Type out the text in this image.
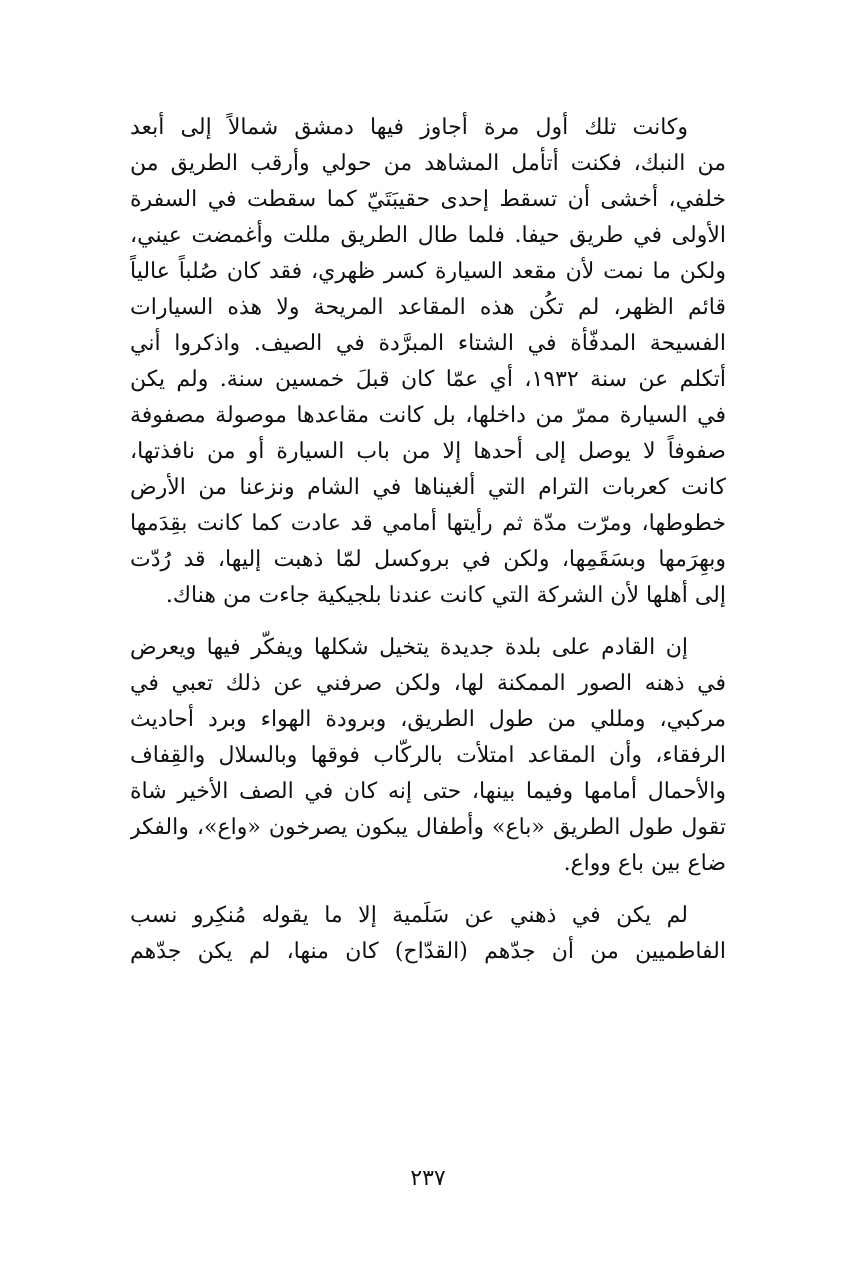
وكانت تلك أول مرة أجاوز فيها دمشق شمالاً إلى أبعد
من النبك، فكنت أتأمل المشاهد من حولي وأرقب الطريق من
خلفي، أخشى أن تسقط إحدى حقيبَتَيّ كما سقطت في السفرة
الأولى في طريق حيفا. فلما طال الطريق مللت وأغمضت عيني،
ولكن ما نمت لأن مقعد السيارة كسر ظهري، فقد كان صُلباً عالياً
قائم الظهر، لم تكُن هذه المقاعد المريحة ولا هذه السيارات
الفسيحة المدفّأة في الشتاء المبرَّدة في الصيف. واذكروا أني
أتكلم عن سنة ١٩٣٢، أي عمّا كان قبلَ خمسين سنة. ولم يكن
في السيارة ممرّ من داخلها، بل كانت مقاعدها موصولة مصفوفة
صفوفاً لا يوصل إلى أحدها إلا من باب السيارة أو من نافذتها،
كانت كعربات الترام التي ألغيناها في الشام ونزعنا من الأرض
خطوطها، ومرّت مدّة ثم رأيتها أمامي قد عادت كما كانت بقِدَمها
وبهِرَمها وبسَقَمِها، ولكن في بروكسل لمّا ذهبت إليها، قد رُدّت
إلى أهلها لأن الشركة التي كانت عندنا بلجيكية جاءت من هناك.
إن القادم على بلدة جديدة يتخيل شكلها ويفكّر فيها ويعرض
في ذهنه الصور الممكنة لها، ولكن صرفني عن ذلك تعبي في
مركبي، ومللي من طول الطريق، وبرودة الهواء وبرد أحاديث
الرفقاء، وأن المقاعد امتلأت بالركّاب فوقها وبالسلال والقِفاف
والأحمال أمامها وفيما بينها، حتى إنه كان في الصف الأخير شاة
تقول طول الطريق «باع» وأطفال يبكون يصرخون «واع»، والفكر
ضاع بين باع وواع.
لم يكن في ذهني عن سَلَمية إلا ما يقوله مُنكِرو نسب
الفاطميين من أن جدّهم (القدّاح) كان منها، لم يكن جدّهم
٢٣٧
